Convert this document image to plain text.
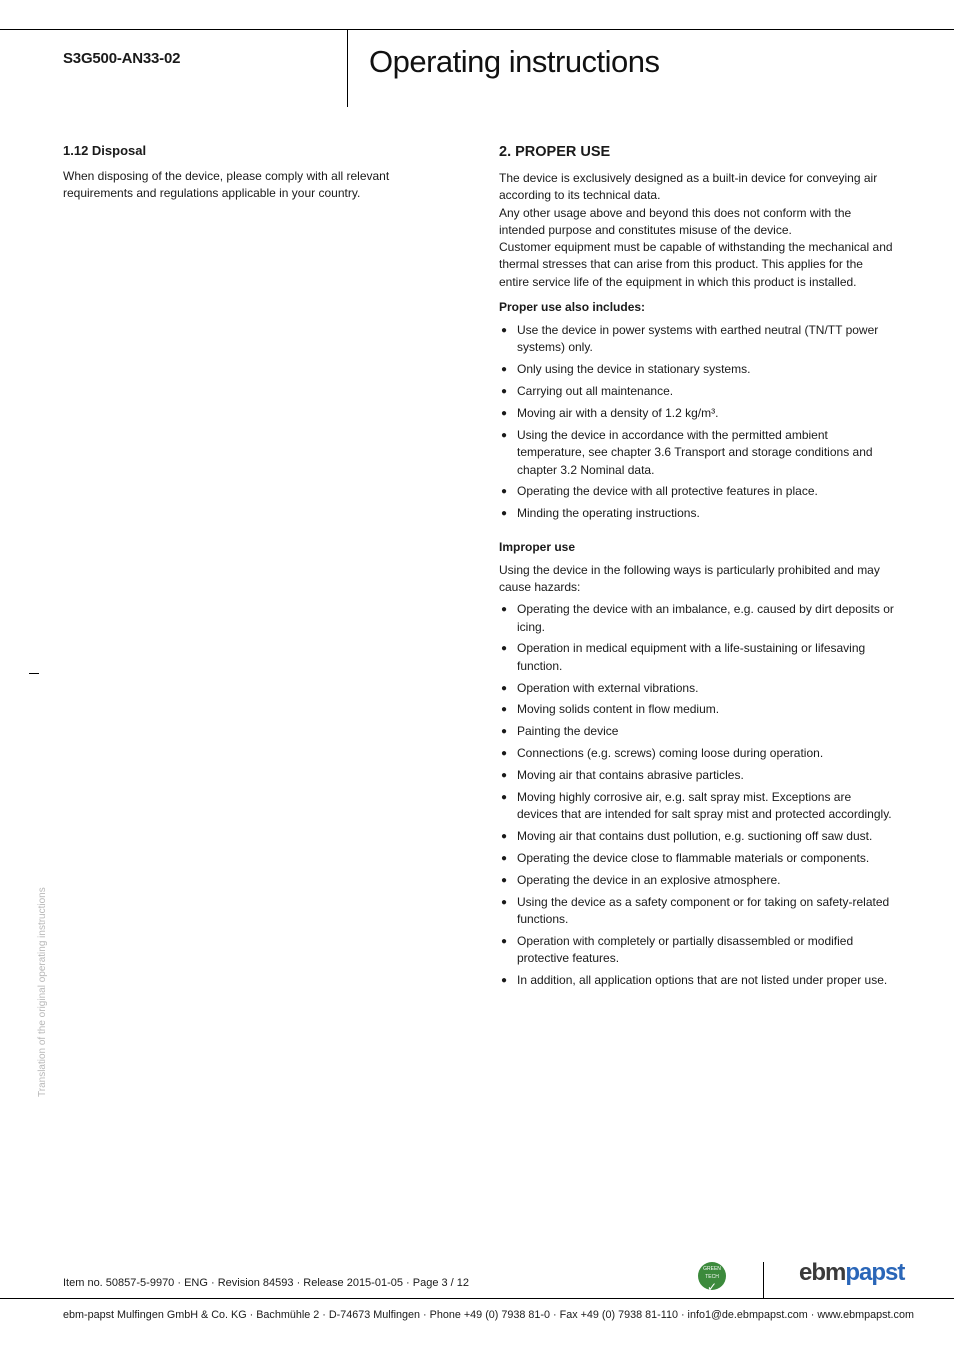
S3G500-AN33-02	Operating instructions
1.12 Disposal

When disposing of the device, please comply with all relevant requirements and regulations applicable in your country.

2. PROPER USE

The device is exclusively designed as a built-in device for conveying air according to its technical data.

Any other usage above and beyond this does not conform with the intended purpose and constitutes misuse of the device.

Customer equipment must be capable of withstanding the mechanical and thermal stresses that can arise from this product. This applies for the entire service life of the equipment in which this product is installed.

Proper use also includes:
● Use the device in power systems with earthed neutral (TN/TT power systems) only.
● Only using the device in stationary systems.
● Carrying out all maintenance.
● Moving air with a density of 1.2 kg/m³.
● Using the device in accordance with the permitted ambient temperature, see chapter 3.6 Transport and storage conditions and chapter 3.2 Nominal data.
● Operating the device with all protective features in place.
● Minding the operating instructions.
Improper use

Using the device in the following ways is particularly prohibited and may cause hazards:

● Operating the device with an imbalance, e.g. caused by dirt deposits or icing.
● Operation in medical equipment with a life-sustaining or lifesaving function.
● Operation with external vibrations.
● Moving solids content in flow medium.
● Painting the device
● Connections (e.g. screws) coming loose during operation.
● Moving air that contains abrasive particles.
● Moving highly corrosive air, e.g. salt spray mist. Exceptions are devices that are intended for salt spray mist and protected accordingly.
● Moving air that contains dust pollution, e.g. suctioning off saw dust.
● Operating the device close to flammable materials or components.
● Operating the device in an explosive atmosphere.
● Using the device as a safety component or for taking on safety-related functions.
● Operation with completely or partially disassembled or modified protective features.
● In addition, all application options that are not listed under proper use.
Translation of the original operating instructions
Item no. 50857-5-9970 · ENG · Revision 84593 · Release 2015-01-05 · Page 3 / 12
GREEN
TECH
✓
ebmpapst
ebm-papst Mulfingen GmbH & Co. KG · Bachmühle 2 · D-74673 Mulfingen · Phone +49 (0) 7938 81-0 · Fax +49 (0) 7938 81-110 · info1@de.ebmpapst.com · www.ebmpapst.com
